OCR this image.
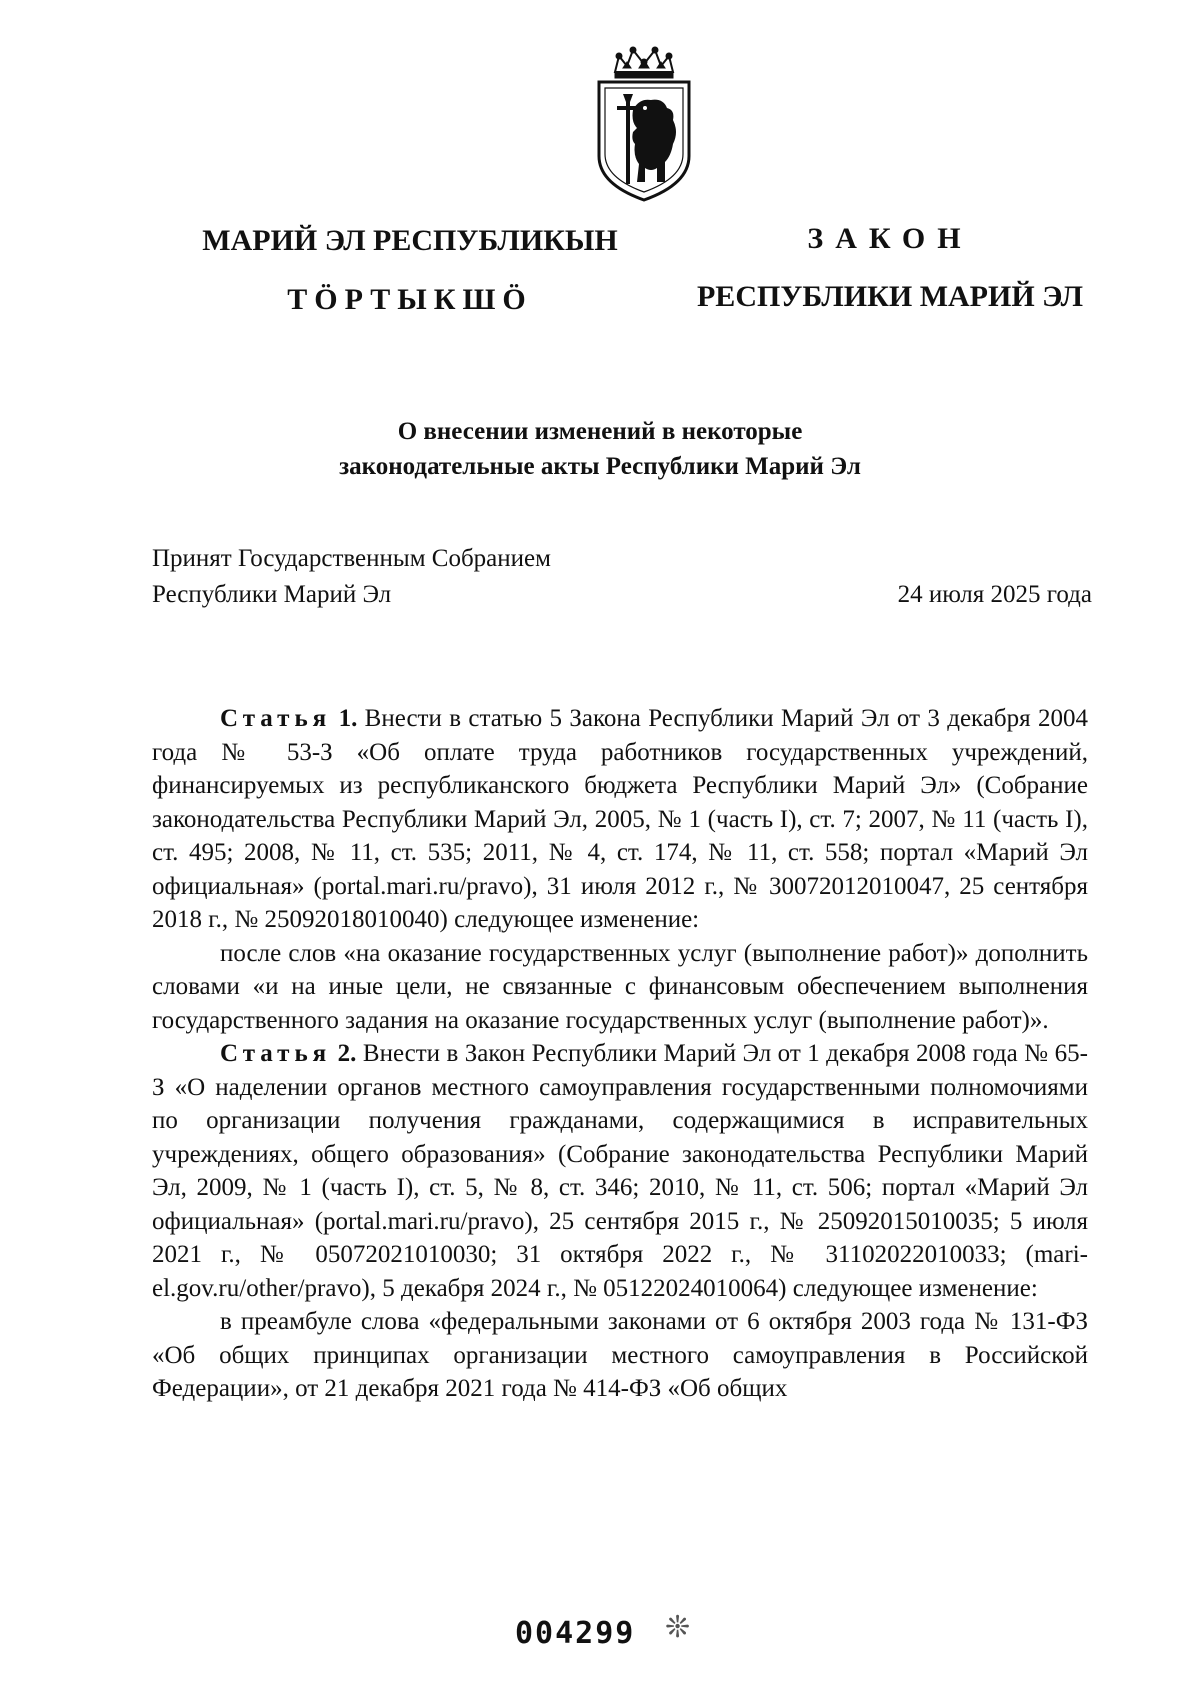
МАРИЙ ЭЛ РЕСПУБЛИКЫН
ТӦРТЫКШӦ
ЗАКОН
РЕСПУБЛИКИ МАРИЙ ЭЛ
О внесении изменений в некоторые
законодательные акты Республики Марий Эл
Принят Государственным Собранием
Республики Марий Эл	24 июля 2025 года

Статья 1. Внести в статью 5 Закона Республики Марий Эл от 3 декабря 2004 года № 53-З «Об оплате труда работников государственных учреждений, финансируемых из республиканского бюджета Республики Марий Эл» (Собрание законодательства Республики Марий Эл, 2005, № 1 (часть I), ст. 7; 2007, № 11 (часть I), ст. 495; 2008, № 11, ст. 535; 2011, № 4, ст. 174, № 11, ст. 558; портал «Марий Эл официальная» (portal.mari.ru/pravo), 31 июля 2012 г., № 30072012010047, 25 сентября 2018 г., № 25092018010040) следующее изменение:

после слов «на оказание государственных услуг (выполнение работ)» дополнить словами «и на иные цели, не связанные с финансовым обеспечением выполнения государственного задания на оказание государственных услуг (выполнение работ)».

Статья 2. Внести в Закон Республики Марий Эл от 1 декабря 2008 года № 65-З «О наделении органов местного самоуправления государственными полномочиями по организации получения гражданами, содержащимися в исправительных учреждениях, общего образования» (Собрание законодательства Республики Марий Эл, 2009, № 1 (часть I), ст. 5, № 8, ст. 346; 2010, № 11, ст. 506; портал «Марий Эл официальная» (portal.mari.ru/pravo), 25 сентября 2015 г., № 25092015010035; 5 июля 2021 г., № 05072021010030; 31 октября 2022 г., № 31102022010033; (mari-el.gov.ru/other/pravo), 5 декабря 2024 г., № 05122024010064) следующее изменение:

в преамбуле слова «федеральными законами от 6 октября 2003 года № 131-ФЗ «Об общих принципах организации местного самоуправления в Российской Федерации», от 21 декабря 2021 года № 414-ФЗ «Об общих

004299 ❊
